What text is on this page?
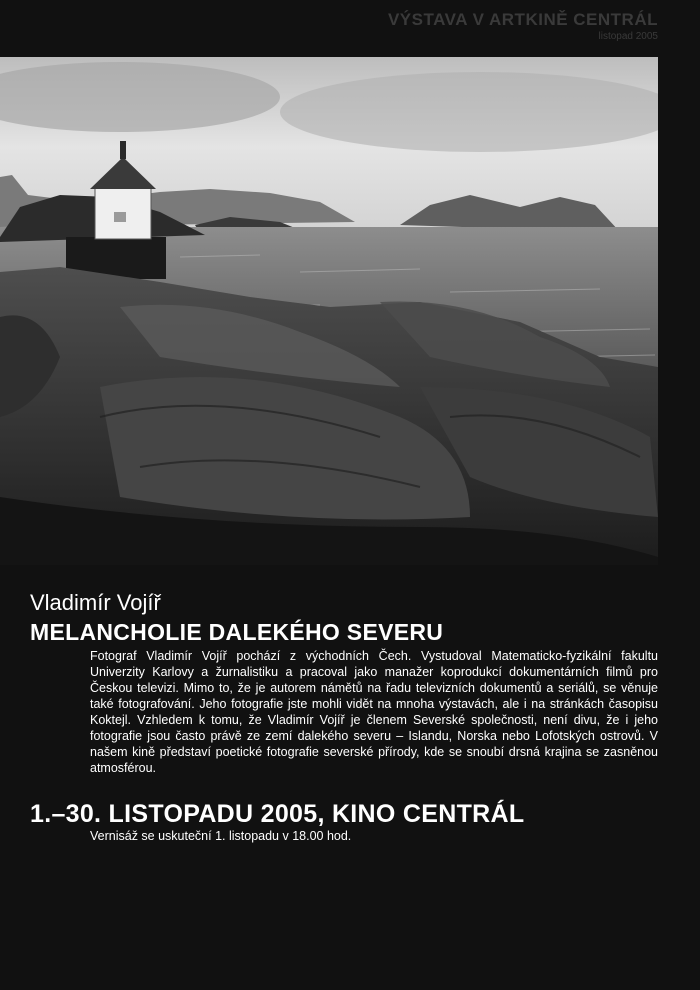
VÝSTAVA V ARTKINĚ CENTRÁL
listopad 2005
Vladimír Vojíř
MELANCHOLIE DALEKÉHO SEVERU
Fotograf Vladimír Vojíř pochází z východních Čech. Vystudoval Matematicko-fyzikální fakultu Univerzity Karlovy a žurnalistiku a pracoval jako manažer koprodukcí dokumentárních filmů pro Českou televizi. Mimo to, že je autorem námětů na řadu televizních dokumentů a seriálů, se věnuje také fotografování. Jeho fotografie jste mohli vidět na mnoha výstavách, ale i na stránkách časopisu Koktejl. Vzhledem k tomu, že Vladimír Vojíř je členem Severské společnosti, není divu, že i jeho fotografie jsou často právě ze zemí dalekého severu – Islandu, Norska nebo Lofotských ostrovů. V našem kině představí poetické fotografie severské přírody, kde se snoubí drsná krajina se zasněnou atmosférou.
1.–30. LISTOPADU 2005, KINO CENTRÁL
Vernisáž se uskuteční 1. listopadu v 18.00 hod.
